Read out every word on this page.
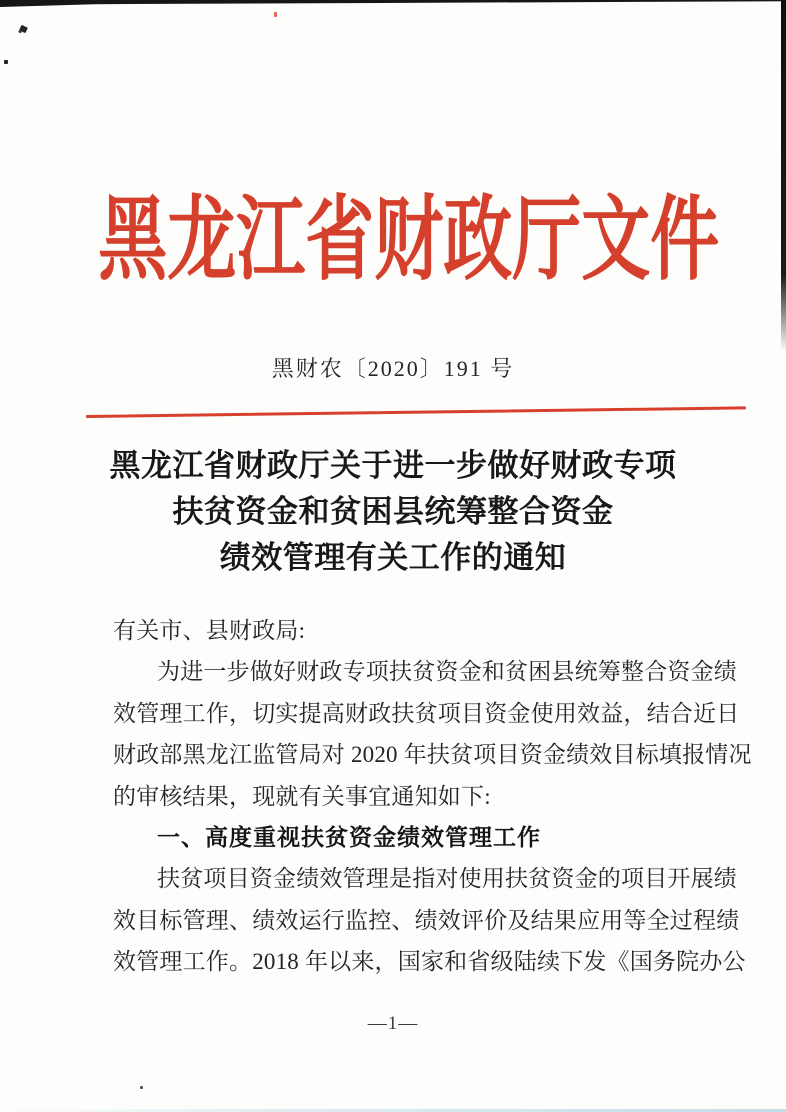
黑龙江省财政厅文件
黑财农〔2020〕191 号
黑龙江省财政厅关于进一步做好财政专项
扶贫资金和贫困县统筹整合资金
绩效管理有关工作的通知
有关市、县财政局:
为进一步做好财政专项扶贫资金和贫困县统筹整合资金绩
效管理工作，切实提高财政扶贫项目资金使用效益，结合近日
财政部黑龙江监管局对 2020 年扶贫项目资金绩效目标填报情况
的审核结果，现就有关事宜通知如下:
一、高度重视扶贫资金绩效管理工作
扶贫项目资金绩效管理是指对使用扶贫资金的项目开展绩
效目标管理、绩效运行监控、绩效评价及结果应用等全过程绩
效管理工作。2018 年以来，国家和省级陆续下发《国务院办公
—1—
